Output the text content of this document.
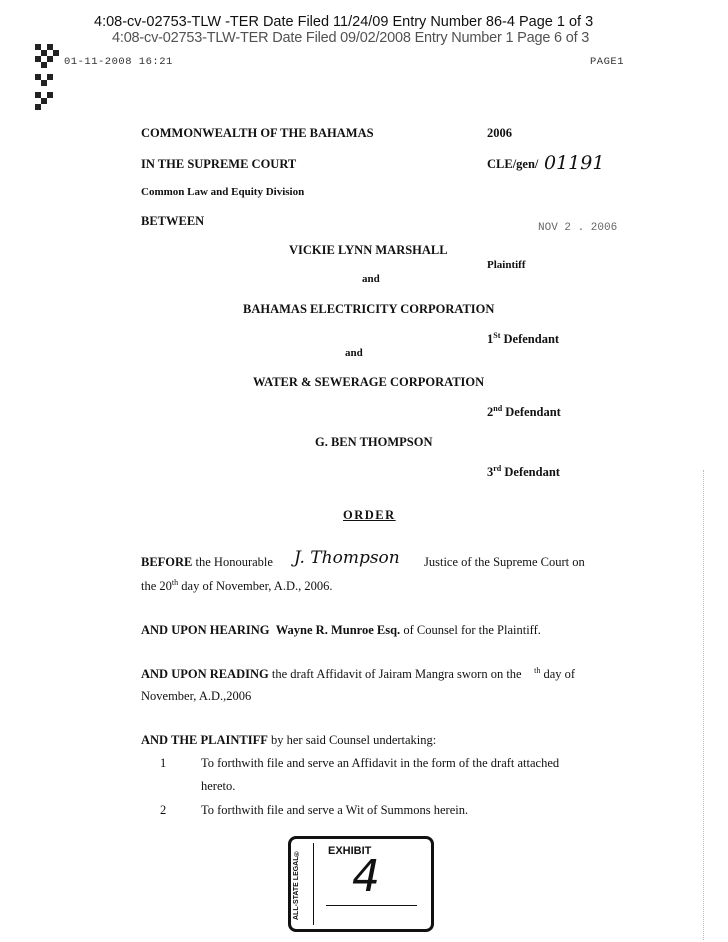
4:08-cv-02753-TLW -TER Date Filed 11/24/09 Entry Number 86-4 Page 1 of 3
4:08-cv-02753-TLW-TER Date Filed 09/02/2008 Entry Number 1 Page 6 of 3
01-11-2008 16:21	PAGE1
COMMONWEALTH OF THE BAHAMAS	2006
IN THE SUPREME COURT	CLE/gen/ 01191
Common Law and Equity Division
BETWEEN	NOV 2 . 2006
VICKIE LYNN MARSHALL
Plaintiff
and
BAHAMAS ELECTRICITY CORPORATION
1St Defendant
and
WATER & SEWERAGE CORPORATION
2nd Defendant
G. BEN THOMPSON
3rd Defendant
ORDER
BEFORE the Honourable J. Thompson Justice of the Supreme Court on
the 20th day of November, A.D., 2006.
AND UPON HEARING Wayne R. Munroe Esq. of Counsel for the Plaintiff.
AND UPON READING the draft Affidavit of Jairam Mangra sworn on the $^{th}$ day of
November, A.D.,2006
AND THE PLAINTIFF by her said Counsel undertaking:
1	To forthwith file and serve an Affidavit in the form of the draft attached
hereto.
2	To forthwith file and serve a Wit of Summons herein.
ALL-STATE LEGAL®	EXHIBIT
4
